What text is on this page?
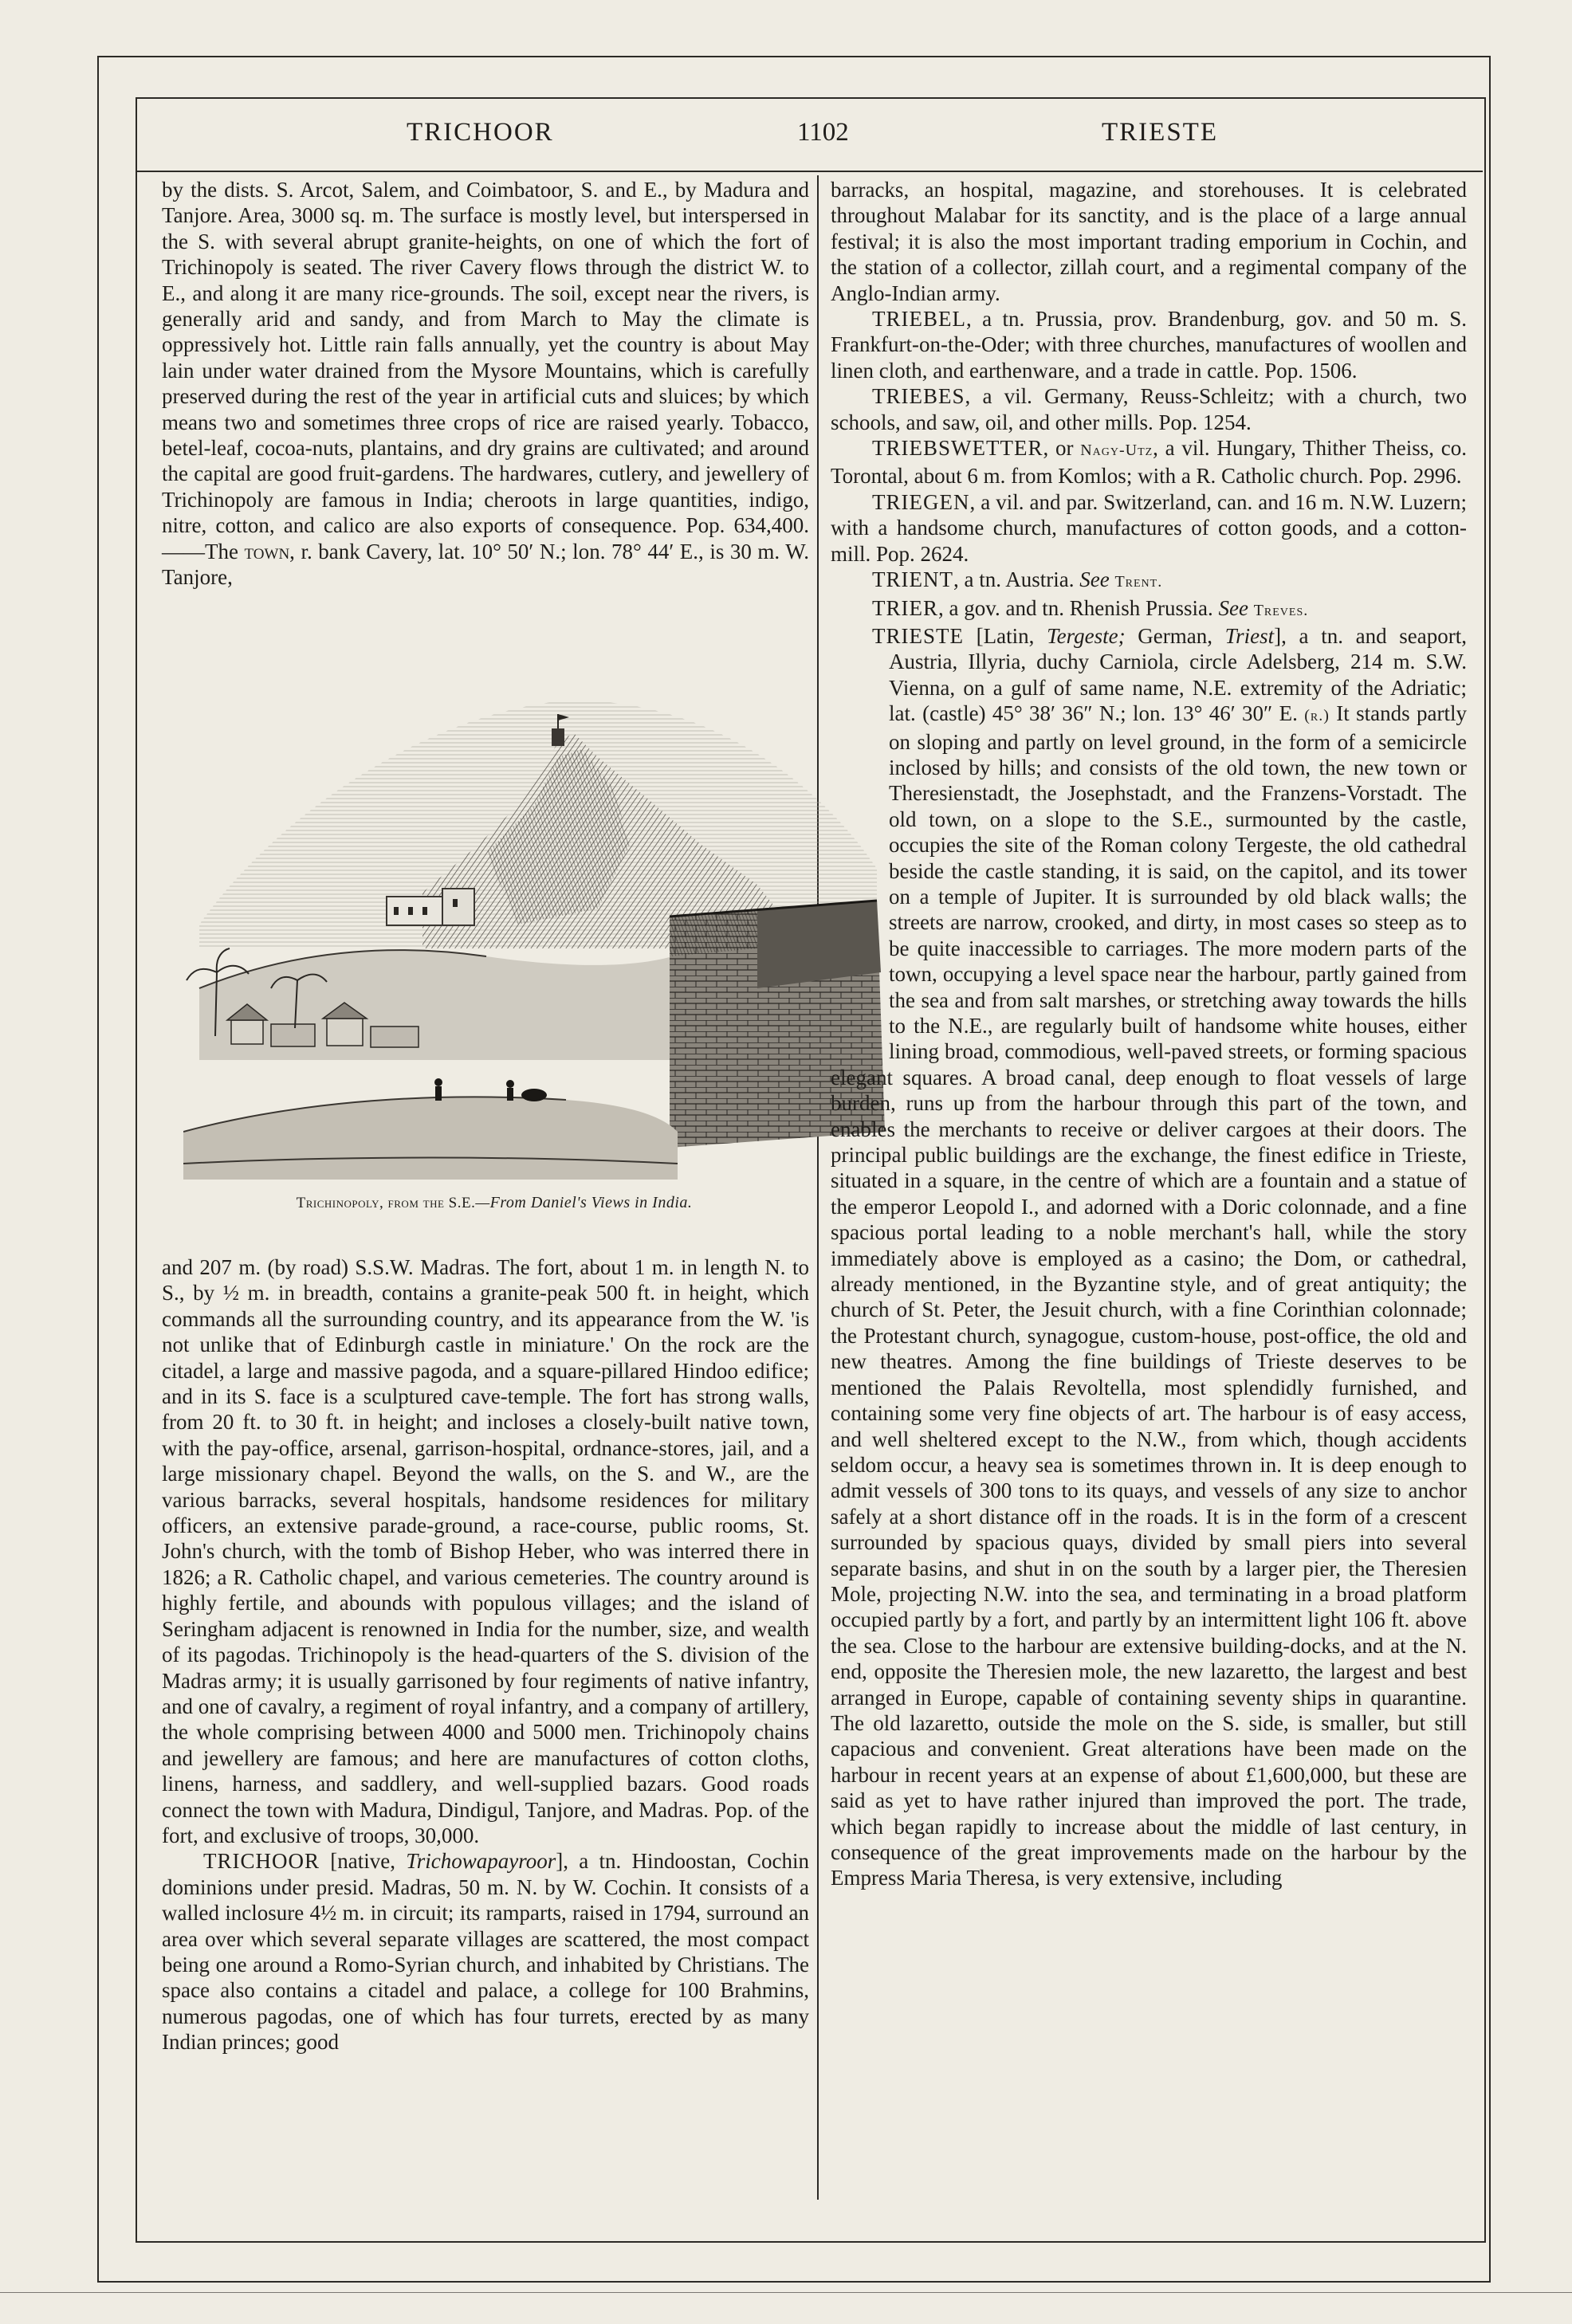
TRICHOOR	1102	TRIESTE

by the dists. S. Arcot, Salem, and Coimbatoor, S. and E., by Madura and Tanjore. Area, 3000 sq. m. The surface is mostly level, but interspersed in the S. with several abrupt granite-heights, on one of which the fort of Trichinopoly is seated. The river Cavery flows through the district W. to E., and along it are many rice-grounds. The soil, except near the rivers, is generally arid and sandy, and from March to May the climate is oppressively hot. Little rain falls annually, yet the country is about May lain under water drained from the Mysore Mountains, which is carefully preserved during the rest of the year in artificial cuts and sluices; by which means two and sometimes three crops of rice are raised yearly. Tobacco, betel-leaf, cocoa-nuts, plantains, and dry grains are cultivated; and around the capital are good fruit-gardens. The hardwares, cutlery, and jewellery of Trichinopoly are famous in India; cheroots in large quantities, indigo, nitre, cotton, and calico are also exports of consequence. Pop. 634,400.——The town, r. bank Cavery, lat. 10° 50′ N.; lon. 78° 44′ E., is 30 m. W. Tanjore,

Trichinopoly, from the S.E.—From Daniel's Views in India.

and 207 m. (by road) S.S.W. Madras. The fort, about 1 m. in length N. to S., by ½ m. in breadth, contains a granite-peak 500 ft. in height, which commands all the surrounding country, and its appearance from the W. 'is not unlike that of Edinburgh castle in miniature.' On the rock are the citadel, a large and massive pagoda, and a square-pillared Hindoo edifice; and in its S. face is a sculptured cave-temple. The fort has strong walls, from 20 ft. to 30 ft. in height; and incloses a closely-built native town, with the pay-office, arsenal, garrison-hospital, ordnance-stores, jail, and a large missionary chapel. Beyond the walls, on the S. and W., are the various barracks, several hospitals, handsome residences for military officers, an extensive parade-ground, a race-course, public rooms, St. John's church, with the tomb of Bishop Heber, who was interred there in 1826; a R. Catholic chapel, and various cemeteries. The country around is highly fertile, and abounds with populous villages; and the island of Seringham adjacent is renowned in India for the number, size, and wealth of its pagodas. Trichinopoly is the head-quarters of the S. division of the Madras army; it is usually garrisoned by four regiments of native infantry, and one of cavalry, a regiment of royal infantry, and a company of artillery, the whole comprising between 4000 and 5000 men. Trichinopoly chains and jewellery are famous; and here are manufactures of cotton cloths, linens, harness, and saddlery, and well-supplied bazars. Good roads connect the town with Madura, Dindigul, Tanjore, and Madras. Pop. of the fort, and exclusive of troops, 30,000.

TRICHOOR [native, Trichowapayroor], a tn. Hindoostan, Cochin dominions under presid. Madras, 50 m. N. by W. Cochin. It consists of a walled inclosure 4½ m. in circuit; its ramparts, raised in 1794, surround an area over which several separate villages are scattered, the most compact being one around a Romo-Syrian church, and inhabited by Christians. The space also contains a citadel and palace, a college for 100 Brahmins, numerous pagodas, one of which has four turrets, erected by as many Indian princes; good

barracks, an hospital, magazine, and storehouses. It is celebrated throughout Malabar for its sanctity, and is the place of a large annual festival; it is also the most important trading emporium in Cochin, and the station of a collector, zillah court, and a regimental company of the Anglo-Indian army.

TRIEBEL, a tn. Prussia, prov. Brandenburg, gov. and 50 m. S. Frankfurt-on-the-Oder; with three churches, manufactures of woollen and linen cloth, and earthenware, and a trade in cattle. Pop. 1506.

TRIEBES, a vil. Germany, Reuss-Schleitz; with a church, two schools, and saw, oil, and other mills. Pop. 1254.

TRIEBSWETTER, or Nagy-Utz, a vil. Hungary, Thither Theiss, co. Torontal, about 6 m. from Komlos; with a R. Catholic church. Pop. 2996.

TRIEGEN, a vil. and par. Switzerland, can. and 16 m. N.W. Luzern; with a handsome church, manufactures of cotton goods, and a cotton-mill. Pop. 2624.

TRIENT, a tn. Austria. See Trent.

TRIER, a gov. and tn. Rhenish Prussia. See Treves.

TRIESTE [Latin, Tergeste; German, Triest
], a tn. and seaport, Austria, Illyria, duchy Carniola, circle Adelsberg, 214 m. S.W. Vienna, on a gulf of same name, N.E. extremity of the Adriatic; lat. (castle) 45° 38′ 36″ N.; lon. 13° 46′ 30″ E. (r.) It stands partly on sloping and partly on level ground, in the form of a semicircle inclosed by hills; and consists of the old town, the new town or Theresienstadt, the Josephstadt, and the Franzens-Vorstadt. The old town, on a slope to the S.E., surmounted by the castle, occupies the site of the Roman colony Tergeste, the old cathedral beside the castle standing, it is said, on the capitol, and its tower on a temple of Jupiter. It is surrounded by old black walls; the streets are narrow, crooked, and dirty, in most cases so steep as to be quite inaccessible to carriages. The more modern parts of the town, occupying a level space near the harbour, partly gained from the sea and from salt marshes, or stretching away towards the hills to the N.E., are regularly built of handsome white houses, either lining broad, commodious, well-paved streets, or forming spacious elegant squares. A broad canal, deep enough to float vessels of large burden, runs up from the harbour through this part of the town, and enables the merchants to receive or deliver cargoes at their doors. The principal public buildings are the exchange, the finest edifice in Trieste, situated in a square, in the centre of which are a fountain and a statue of the emperor Leopold I., and adorned with a Doric colonnade, and a fine spacious portal leading to a noble merchant's hall, while the story immediately above is employed as a casino; the Dom, or cathedral, already mentioned, in the Byzantine style, and of great antiquity; the church of St. Peter, the Jesuit church, with a fine Corinthian colonnade; the Protestant church, synagogue, custom-house, post-office, the old and new theatres. Among the fine buildings of Trieste deserves to be mentioned the Palais Revoltella, most splendidly furnished, and containing some very fine objects of art. The harbour is of easy access, and well sheltered except to the N.W., from which, though accidents seldom occur, a heavy sea is sometimes thrown in. It is deep enough to admit vessels of 300 tons to its quays, and vessels of any size to anchor safely at a short distance off in the roads. It is in the form of a crescent surrounded by spacious quays, divided by small piers into several separate basins, and shut in on the south by a larger pier, the Theresien Mole, projecting N.W. into the sea, and terminating in a broad platform occupied partly by a fort, and partly by an intermittent light 106 ft. above the sea. Close to the harbour are extensive building-docks, and at the N. end, opposite the Theresien mole, the new lazaretto, the largest and best arranged in Europe, capable of containing seventy ships in quarantine. The old lazaretto, outside the mole on the S. side, is smaller, but still capacious and convenient. Great alterations have been made on the harbour in recent years at an expense of about £1,600,000, but these are said as yet to have rather injured than improved the port. The trade, which began rapidly to increase about the middle of last century, in consequence of the great improvements made on the harbour by the Empress Maria Theresa, is very extensive, including
